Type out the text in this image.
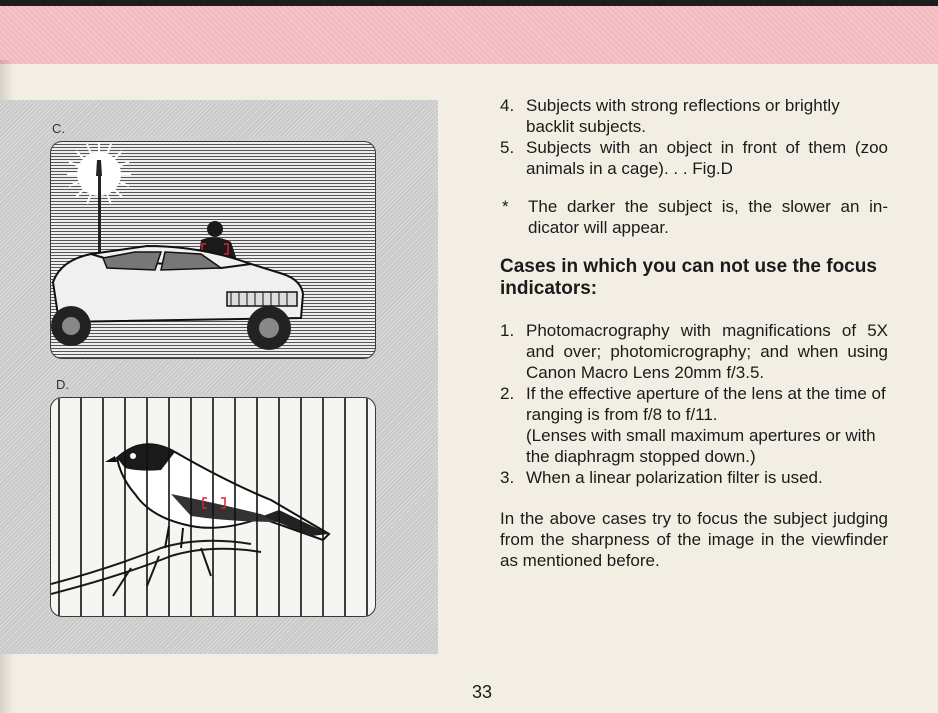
C.
D.
4. Subjects with strong reflections or brightly backlit subjects.
5. Subjects with an object in front of them (zoo animals in a cage). . . Fig.D
*	The darker the subject is, the slower an in-dicator will appear.
Cases in which you can not use the focus indicators:
1. Photomacrography with magnifications of 5X and over; photomicrography; and when using Canon Macro Lens 20mm f/3.5.
2. If the effective aperture of the lens at the time of ranging is from f/8 to f/11.
(Lenses with small maximum apertures or with the diaphragm stopped down.)
3. When a linear polarization filter is used.

In the above cases try to focus the subject judging from the sharpness of the image in the viewfinder as mentioned before.

33
